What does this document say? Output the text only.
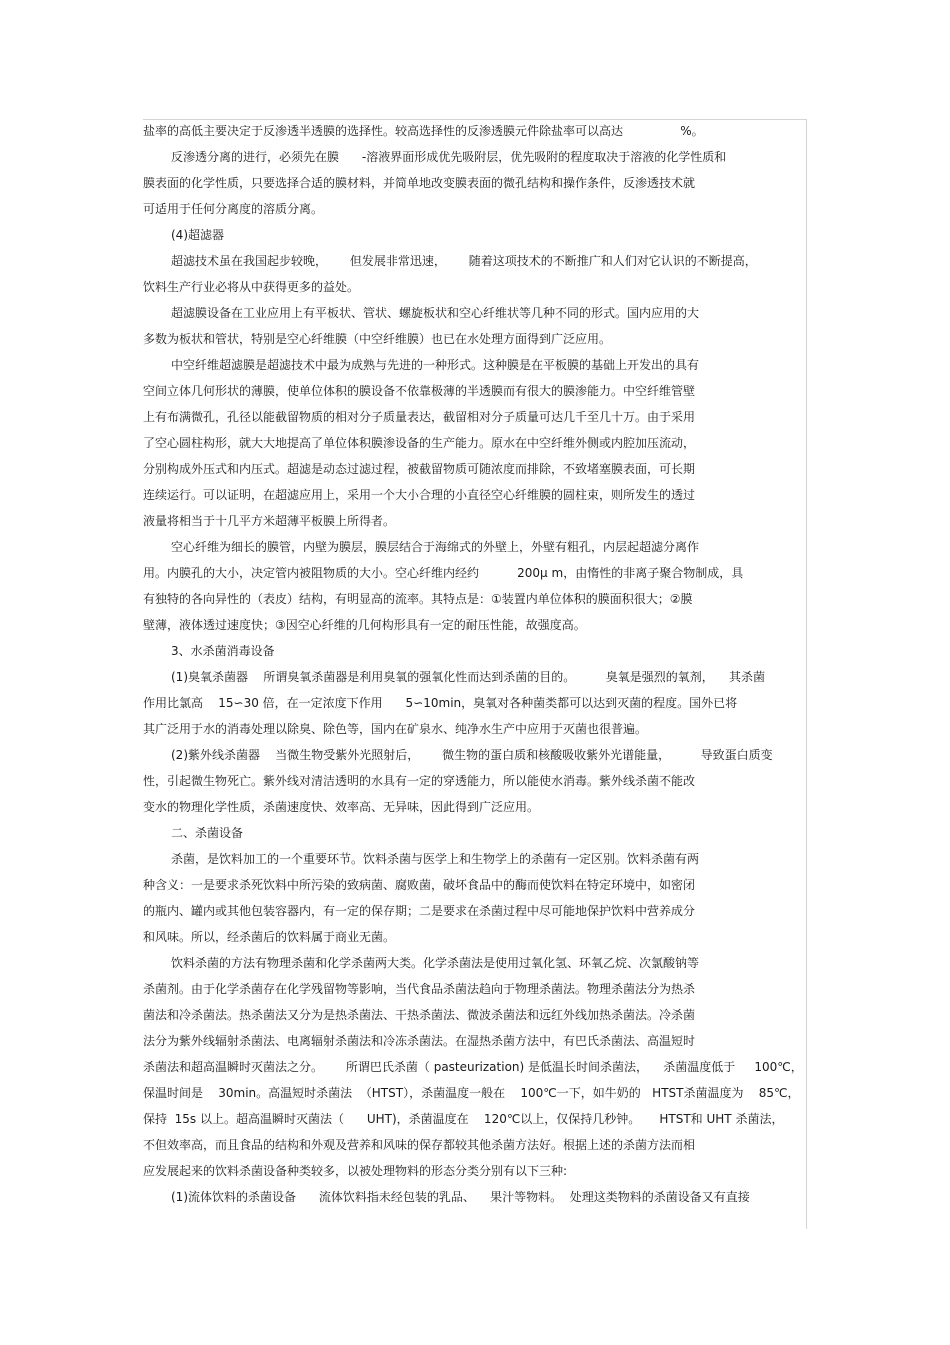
盐率的高低主要决定于反渗透半透膜的选择性。较高选择性的反渗透膜元件除盐率可以高达               %。

反渗透分离的进行，必须先在膜      -溶液界面形成优先吸附层，优先吸附的程度取决于溶液的化学性质和

膜表面的化学性质，只要选择合适的膜材料，并简单地改变膜表面的微孔结构和操作条件，反渗透技术就

可适用于任何分离度的溶质分离。

(4)超滤器

超滤技术虽在我国起步较晚，      但发展非常迅速，      随着这项技术的不断推广和人们对它认识的不断提高，

饮料生产行业必将从中获得更多的益处。

超滤膜设备在工业应用上有平板状、管状、螺旋板状和空心纤维状等几种不同的形式。国内应用的大

多数为板状和管状，特别是空心纤维膜（中空纤维膜）也已在水处理方面得到广泛应用。

中空纤维超滤膜是超滤技术中最为成熟与先进的一种形式。这种膜是在平板膜的基础上开发出的具有

空间立体几何形状的薄膜，使单位体积的膜设备不依靠极薄的半透膜而有很大的膜渗能力。中空纤维管壁

上有布满微孔，孔径以能截留物质的相对分子质量表达，截留相对分子质量可达几千至几十万。由于采用

了空心圆柱构形，就大大地提高了单位体积膜渗设备的生产能力。原水在中空纤维外侧或内腔加压流动，

分别构成外压式和内压式。超滤是动态过滤过程，被截留物质可随浓度而排除，不致堵塞膜表面，可长期

连续运行。可以证明，在超滤应用上，采用一个大小合理的小直径空心纤维膜的圆柱束，则所发生的透过

液量将相当于十几平方米超薄平板膜上所得者。

空心纤维为细长的膜管，内壁为膜层，膜层结合于海绵式的外壁上，外壁有粗孔，内层起超滤分离作

用。内膜孔的大小，决定管内被阻物质的大小。空心纤维内经约          200μ m，由惰性的非离子聚合物制成，具

有独特的各向异性的（表皮）结构，有明显高的流率。其特点是：①装置内单位体积的膜面积很大；②膜

壁薄，液体透过速度快；③因空心纤维的几何构形具有一定的耐压性能，故强度高。

3、水杀菌消毒设备

(1)臭氧杀菌器    所谓臭氧杀菌器是利用臭氧的强氧化性而达到杀菌的目的。        臭氧是强烈的氧剂，    其杀菌

作用比氯高    15∽30 倍，在一定浓度下作用      5∽10min，臭氧对各种菌类都可以达到灭菌的程度。国外已将

其广泛用于水的消毒处理以除臭、除色等，国内在矿泉水、纯净水生产中应用于灭菌也很普遍。

(2)紫外线杀菌器    当微生物受紫外光照射后，      微生物的蛋白质和核酸吸收紫外光谱能量，        导致蛋白质变

性，引起微生物死亡。紫外线对清洁透明的水具有一定的穿透能力，所以能使水消毒。紫外线杀菌不能改

变水的物理化学性质，杀菌速度快、效率高、无异味，因此得到广泛应用。

二、杀菌设备

杀菌，是饮料加工的一个重要环节。饮料杀菌与医学上和生物学上的杀菌有一定区别。饮料杀菌有两

种含义：一是要求杀死饮料中所污染的致病菌、腐败菌，破坏食品中的酶而使饮料在特定环境中，如密闭

的瓶内、罐内或其他包装容器内，有一定的保存期；二是要求在杀菌过程中尽可能地保护饮料中营养成分

和风味。所以，经杀菌后的饮料属于商业无菌。

饮料杀菌的方法有物理杀菌和化学杀菌两大类。化学杀菌法是使用过氧化氢、环氧乙烷、次氯酸钠等

杀菌剂。由于化学杀菌存在化学残留物等影响，当代食品杀菌法趋向于物理杀菌法。物理杀菌法分为热杀

菌法和冷杀菌法。热杀菌法又分为是热杀菌法、干热杀菌法、微波杀菌法和远红外线加热杀菌法。冷杀菌

法分为紫外线辐射杀菌法、电离辐射杀菌法和冷冻杀菌法。在湿热杀菌方法中，有巴氏杀菌法、高温短时

杀菌法和超高温瞬时灭菌法之分。      所谓巴氏杀菌（ pasteurization) 是低温长时间杀菌法，    杀菌温度低于     100℃，

保温时间是    30min。高温短时杀菌法  （HTST），杀菌温度一般在    100℃一下，如牛奶的   HTST杀菌温度为    85℃，

保持  15s 以上。超高温瞬时灭菌法（      UHT)，杀菌温度在    120℃以上，仅保持几秒钟。     HTST和 UHT 杀菌法，

不但效率高，而且食品的结构和外观及营养和风味的保存都较其他杀菌方法好。根据上述的杀菌方法而相

应发展起来的饮料杀菌设备种类较多，以被处理物料的形态分类分别有以下三种:

(1)流体饮料的杀菌设备      流体饮料指未经包装的乳品、    果汁等物料。  处理这类物料的杀菌设备又有直接
